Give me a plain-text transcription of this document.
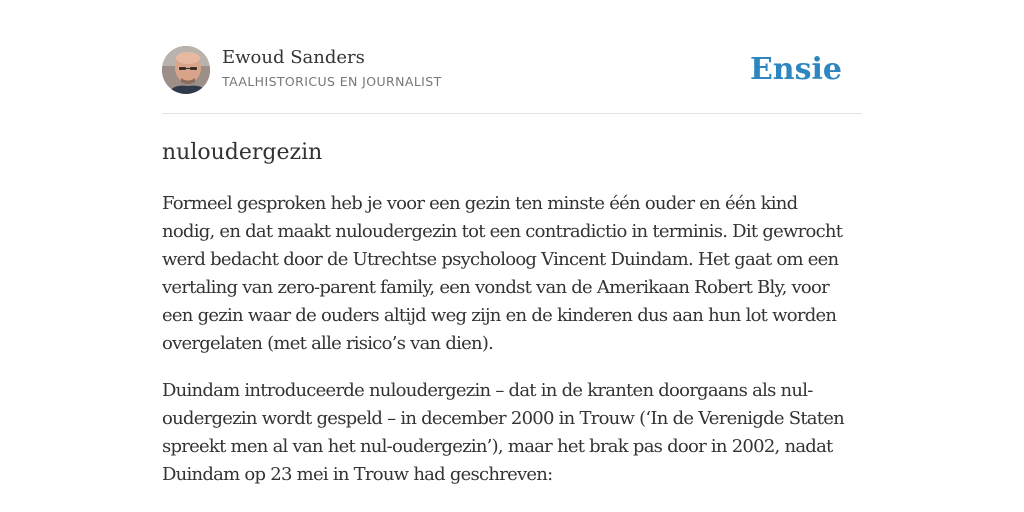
Ewoud Sanders
TAALHISTORICUS EN JOURNALIST	Ensie
nuloudergezin

Formeel gesproken heb je voor een gezin ten minste één ouder en één kind
nodig, en dat maakt nuloudergezin tot een contradictio in terminis. Dit gewrocht
werd bedacht door de Utrechtse psycholoog Vincent Duindam. Het gaat om een
vertaling van zero-parent family, een vondst van de Amerikaan Robert Bly, voor
een gezin waar de ouders altijd weg zijn en de kinderen dus aan hun lot worden
overgelaten (met alle risico’s van dien).

Duindam introduceerde nuloudergezin – dat in de kranten doorgaans als nul-
oudergezin wordt gespeld – in december 2000 in Trouw (‘In de Verenigde Staten
spreekt men al van het nul-oudergezin’), maar het brak pas door in 2002, nadat
Duindam op 23 mei in Trouw had geschreven:
